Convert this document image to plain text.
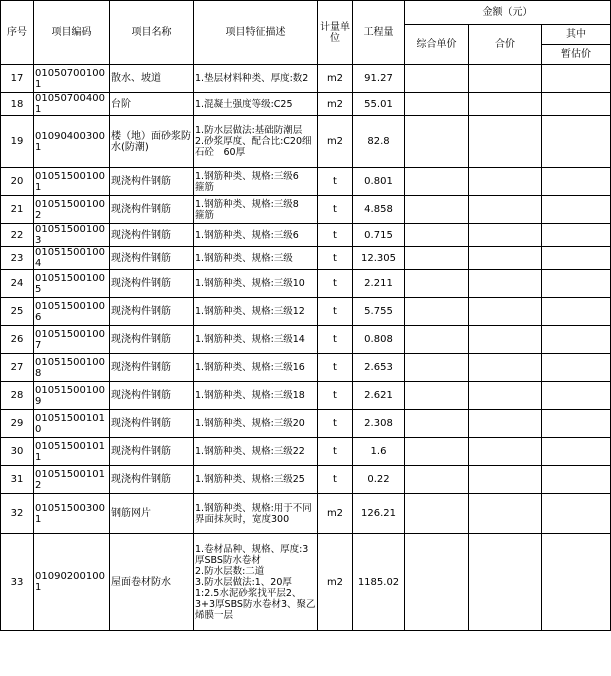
序号	项目编码	项目名称	项目特征描述	计量单位	工程量	金额（元）		
						综合单价	合价	其中
								暂估价
17	010507001001	散水、坡道	1.垫层材料种类、厚度:数2	m2	91.27			
18	010507004001	台阶	1.混凝土强度等级:C25	m2	55.01			
19	010904003001	楼（地）面砂浆防水(防潮)	1.防水层做法:基础防潮层
2.砂浆厚度、配合比:C20细石砼　60厚	m2	82.8			
20	010515001001	现浇构件钢筋	1.钢筋种类、规格:三级6　箍筋	t	0.801			
21	010515001002	现浇构件钢筋	1.钢筋种类、规格:三级8　箍筋	t	4.858			
22	010515001003	现浇构件钢筋	1.钢筋种类、规格:三级6	t	0.715			
23	010515001004	现浇构件钢筋	1.钢筋种类、规格:三级	t	12.305			
24	010515001005	现浇构件钢筋	1.钢筋种类、规格:三级10	t	2.211			
25	010515001006	现浇构件钢筋	1.钢筋种类、规格:三级12	t	5.755			
26	010515001007	现浇构件钢筋	1.钢筋种类、规格:三级14	t	0.808			
27	010515001008	现浇构件钢筋	1.钢筋种类、规格:三级16	t	2.653			
28	010515001009	现浇构件钢筋	1.钢筋种类、规格:三级18	t	2.621			
29	010515001010	现浇构件钢筋	1.钢筋种类、规格:三级20	t	2.308			
30	010515001011	现浇构件钢筋	1.钢筋种类、规格:三级22	t	1.6			
31	010515001012	现浇构件钢筋	1.钢筋种类、规格:三级25	t	0.22			
32	010515003001	钢筋网片	1.钢筋种类、规格:用于不同界面抹灰时，宽度300	m2	126.21			
33	010902001001	屋面卷材防水	1.卷材品种、规格、厚度:3厚SBS防水卷材
2.防水层数:二道
3.防水层做法:1、20厚1:2.5水泥砂浆找平层2、3+3厚SBS防水卷材3、聚乙烯膜一层	m2	1185.02			
